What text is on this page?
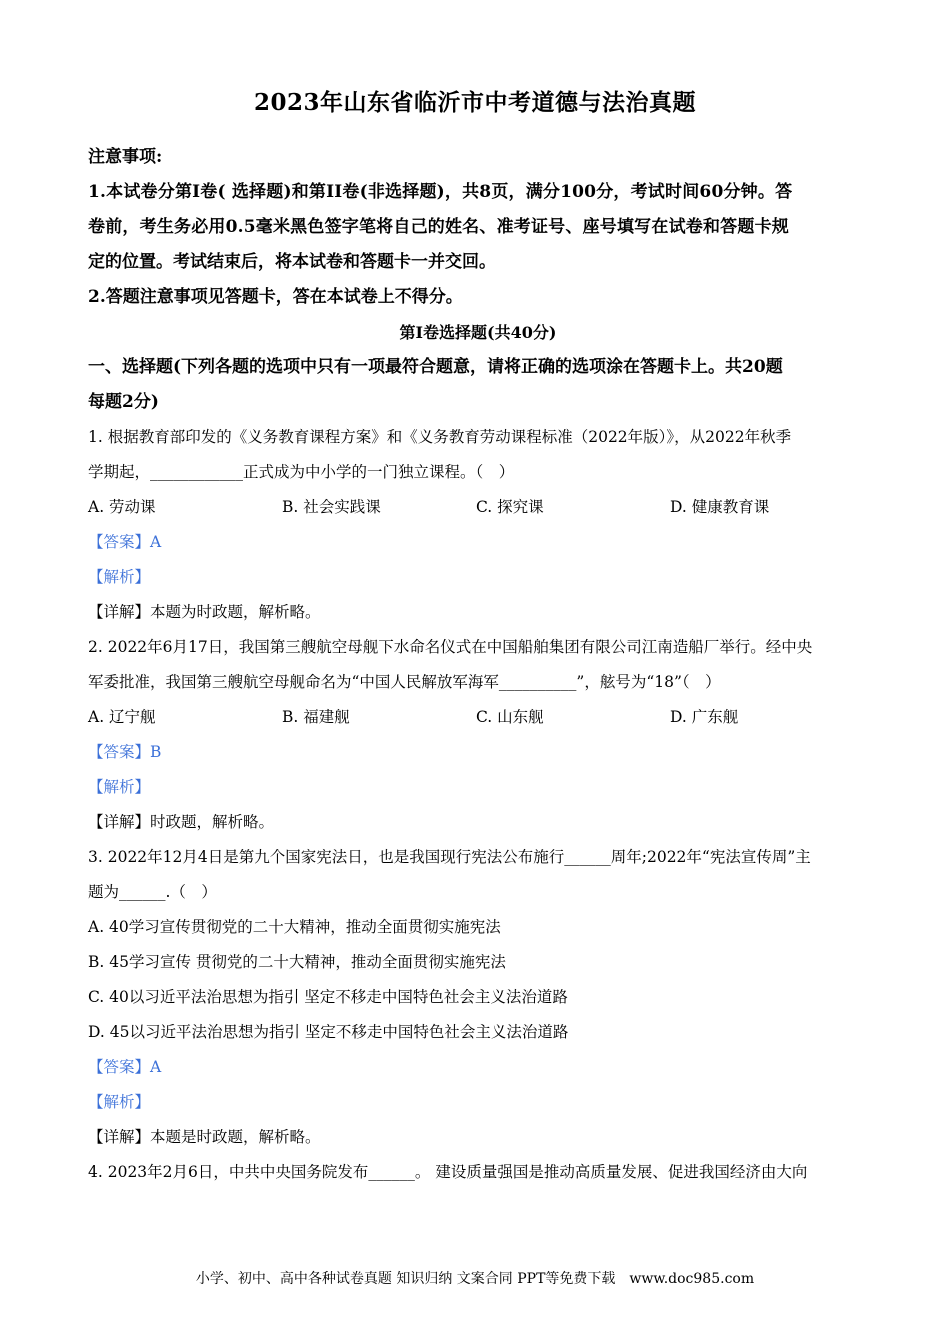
2023年山东省临沂市中考道德与法治真题
注意事项:
1.本试卷分第I卷( 选择题)和第II卷(非选择题)，共8页，满分100分，考试时间60分钟。答
卷前，考生务必用0.5毫米黑色签字笔将自己的姓名、准考证号、座号填写在试卷和答题卡规
定的位置。考试结束后，将本试卷和答题卡一并交回。
2.答题注意事项见答题卡，答在本试卷上不得分。
第I卷选择题(共40分)
一、选择题(下列各题的选项中只有一项最符合题意，请将正确的选项涂在答题卡上。共20题
每题2分)
1. 根据教育部印发的《义务教育课程方案》和《义务教育劳动课程标准（2022年版）》，从2022年秋季
学期起，____________正式成为中小学的一门独立课程。（　）
A. 劳动课	B. 社会实践课	C. 探究课	D. 健康教育课
【答案】A
【解析】
【详解】本题为时政题，解析略。
2. 2022年6月17日，我国第三艘航空母舰下水命名仪式在中国船舶集团有限公司江南造船厂举行。经中央
军委批准，我国第三艘航空母舰命名为“中国人民解放军海军__________”，舷号为“18”（　）
A. 辽宁舰	B. 福建舰	C. 山东舰	D. 广东舰
【答案】B
【解析】
【详解】时政题，解析略。
3. 2022年12月4日是第九个国家宪法日，也是我国现行宪法公布施行______周年;2022年“宪法宣传周”主
题为______.（　）
A. 40学习宣传贯彻党的二十大精神，推动全面贯彻实施宪法
B. 45学习宣传 贯彻党的二十大精神，推动全面贯彻实施宪法
C. 40以习近平法治思想为指引 坚定不移走中国特色社会主义法治道路
D. 45以习近平法治思想为指引 坚定不移走中国特色社会主义法治道路
【答案】A
【解析】
【详解】本题是时政题，解析略。
4. 2023年2月6日，中共中央国务院发布______。 建设质量强国是推动高质量发展、促进我国经济由大向
小学、初中、高中各种试卷真题 知识归纳 文案合同 PPT等免费下载 www.doc985.com
